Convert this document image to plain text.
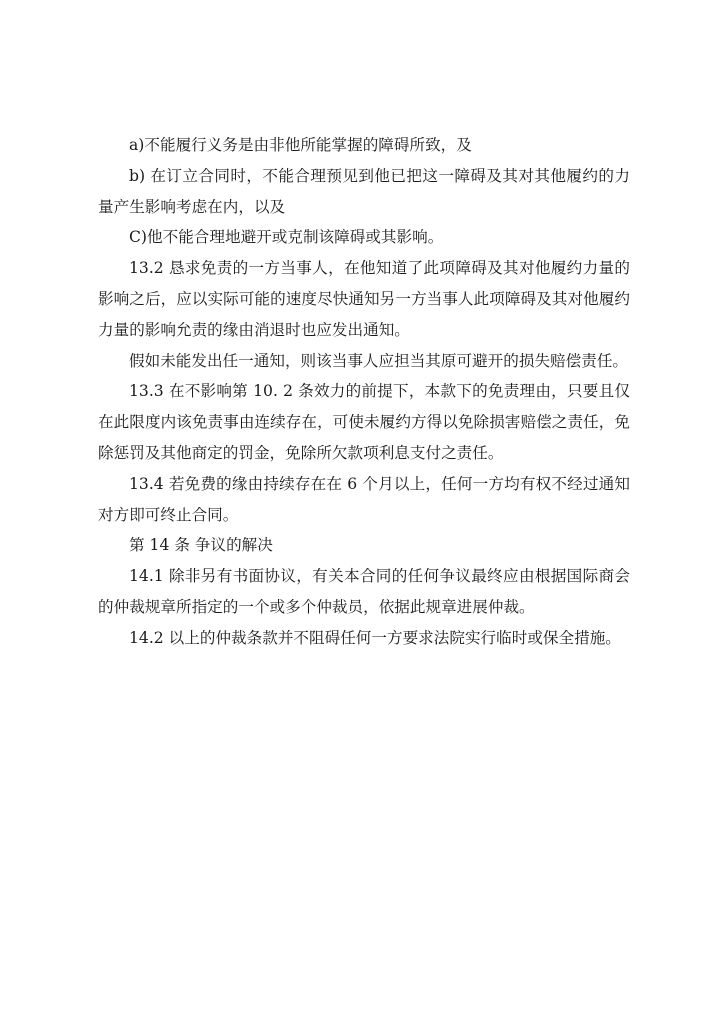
a)不能履行义务是由非他所能掌握的障碍所致，及

b) 在订立合同时，不能合理预见到他已把这一障碍及其对其他履约的力量产生影响考虑在内，以及

C)他不能合理地避开或克制该障碍或其影响。

13.2 恳求免责的一方当事人，在他知道了此项障碍及其对他履约力量的影响之后，应以实际可能的速度尽快通知另一方当事人此项障碍及其对他履约力量的影响允责的缘由消退时也应发出通知。

假如未能发出任一通知，则该当事人应担当其原可避开的损失赔偿责任。

13.3 在不影响第 10. 2 条效力的前提下，本款下的免责理由，只要且仅在此限度内该免责事由连续存在，可使未履约方得以免除损害赔偿之责任，免除惩罚及其他商定的罚金，免除所欠款项利息支付之责任。

13.4 若免费的缘由持续存在在 6 个月以上，任何一方均有权不经过通知对方即可终止合同。

第 14 条 争议的解决

14.1 除非另有书面协议，有关本合同的任何争议最终应由根据国际商会的仲裁规章所指定的一个或多个仲裁员，依据此规章进展仲裁。

14.2 以上的仲裁条款并不阻碍任何一方要求法院实行临时或保全措施。
